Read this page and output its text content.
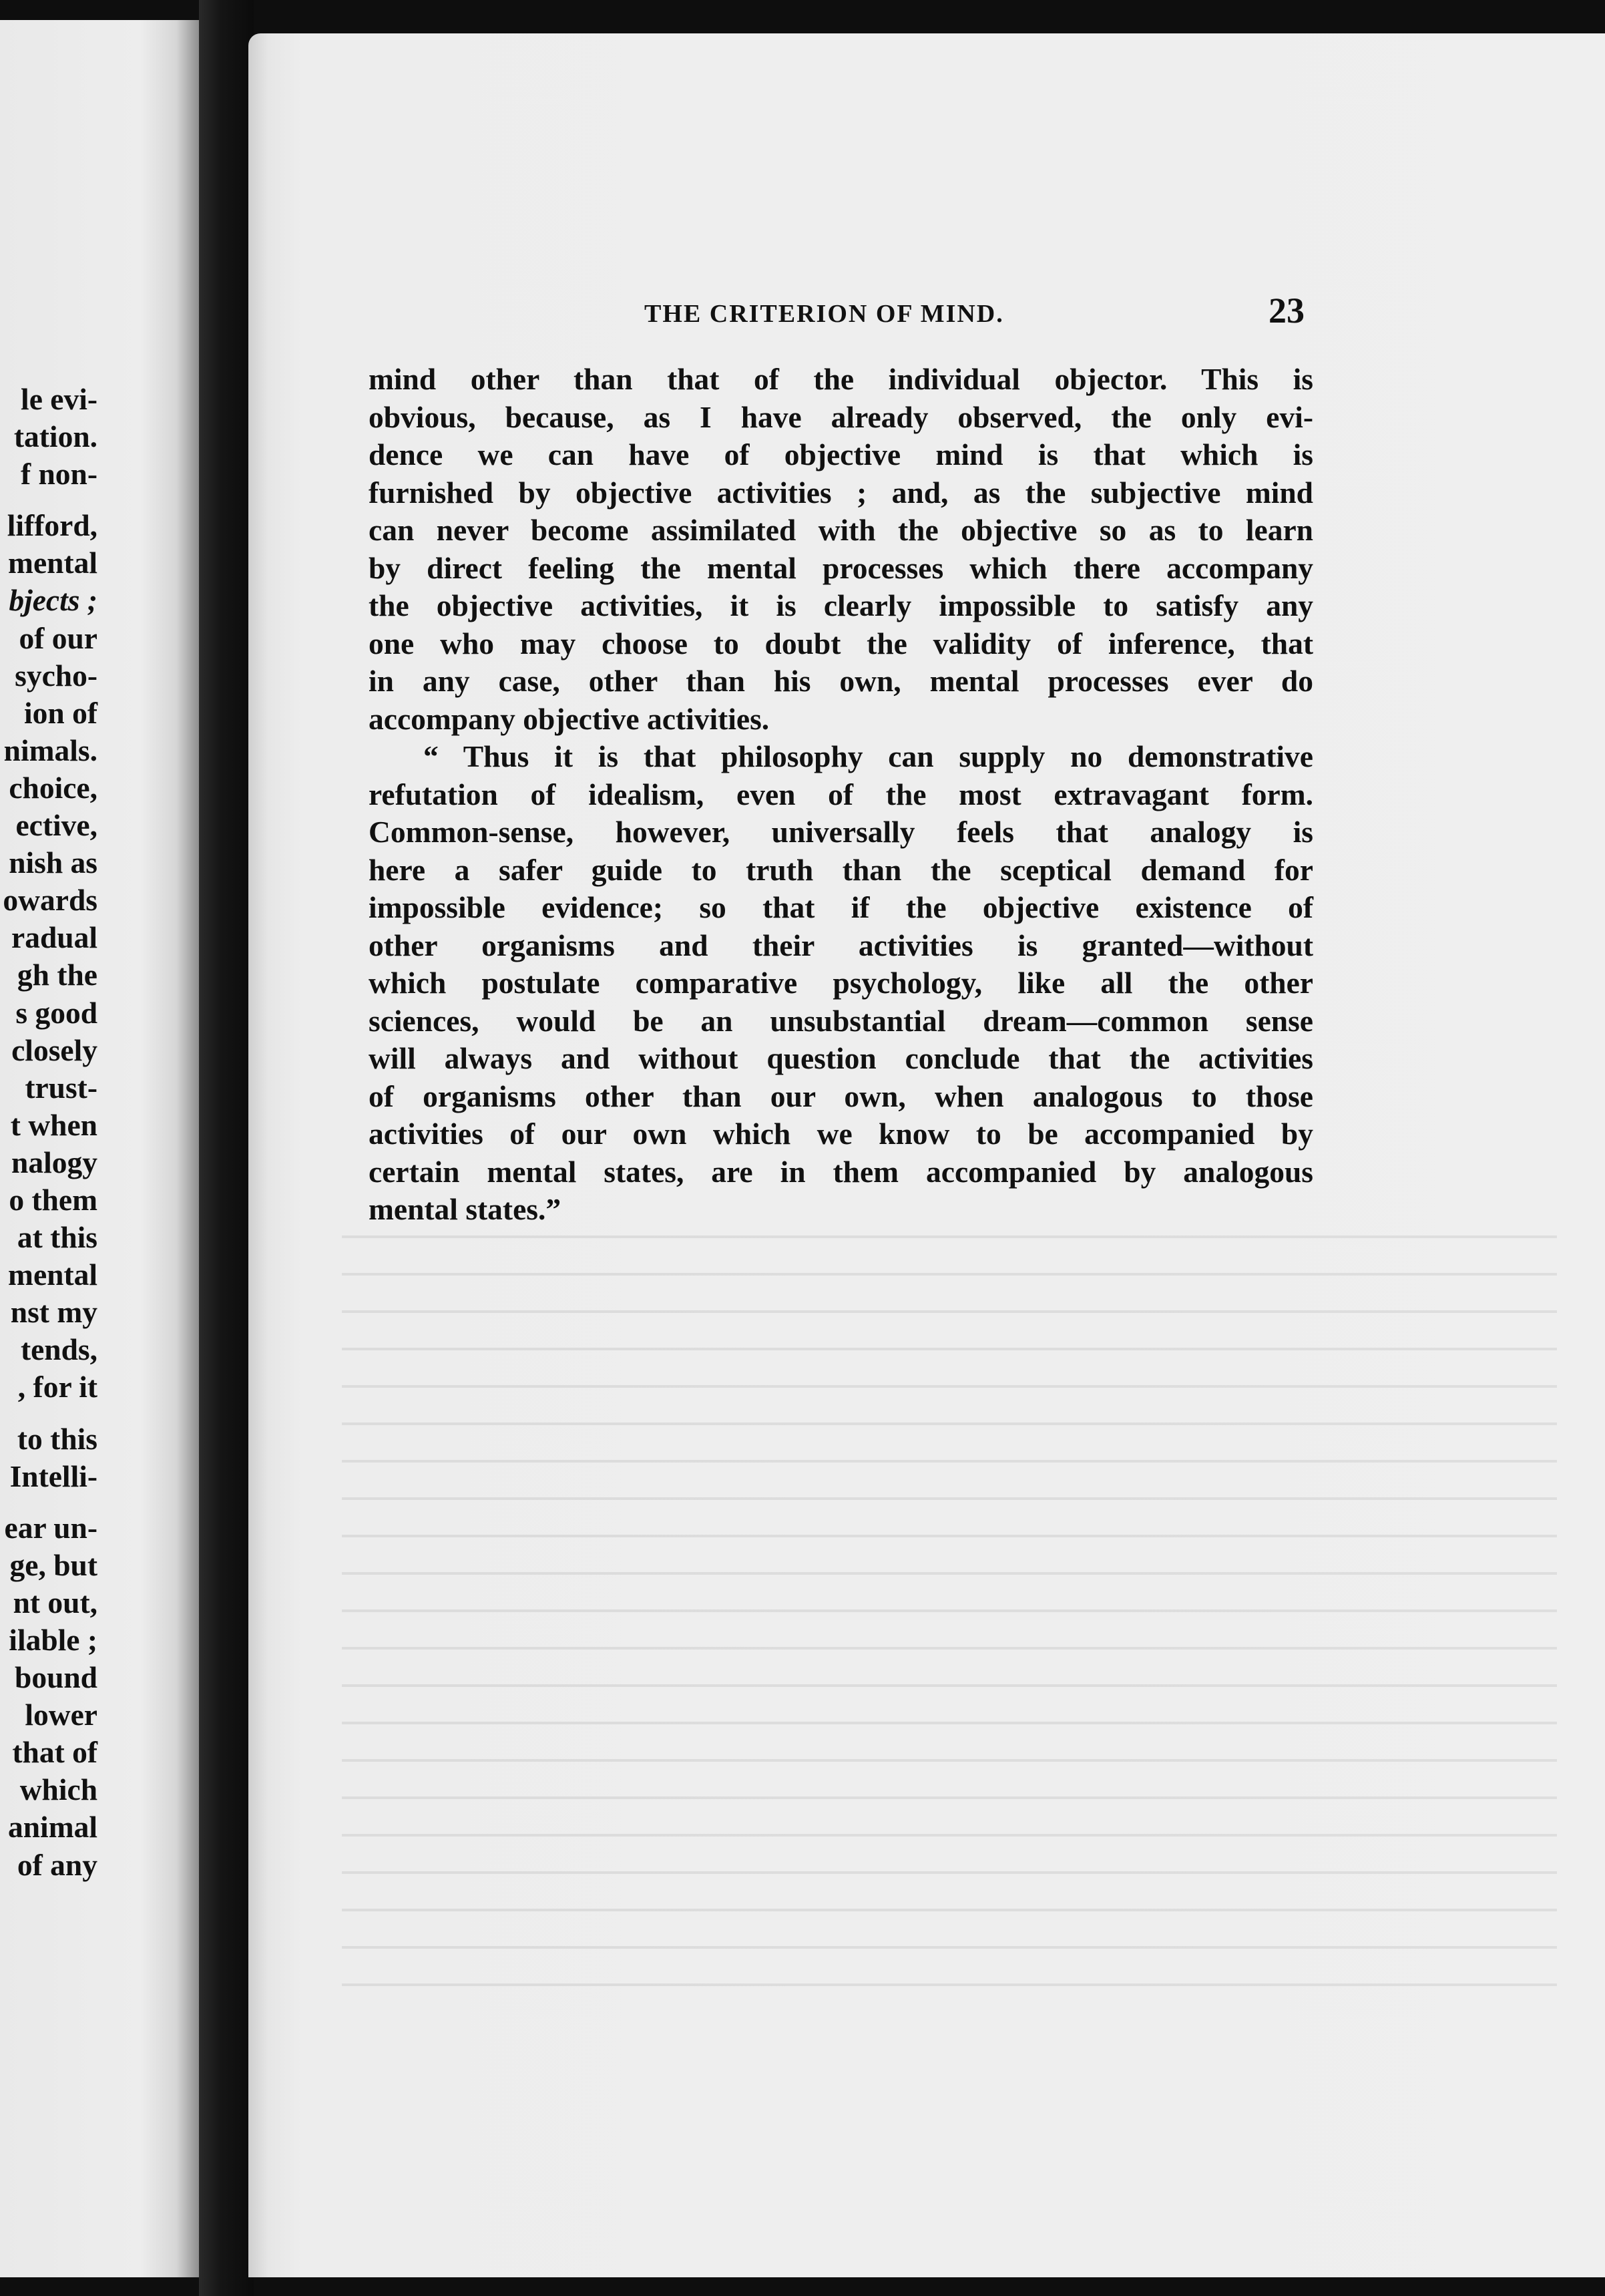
le evi-
tation.
f non-
lifford,
mental
bjects ;
of our
sycho-
ion of
nimals.
choice,
ective,
nish as
owards
radual
gh the
s good
closely
trust-
t when
nalogy
o them
at this
mental
nst my
tends,
, for it
to this
Intelli-
ear un-
ge, but
nt out,
ilable ;
bound
lower
that of
which
animal
of any
THE CRITERION OF MIND.	23
mind other than that of the individual objector. This is
obvious, because, as I have already observed, the only evi-
dence we can have of objective mind is that which is
furnished by objective activities ; and, as the subjective mind
can never become assimilated with the objective so as to learn
by direct feeling the mental processes which there accompany
the objective activities, it is clearly impossible to satisfy any
one who may choose to doubt the validity of inference, that
in any case, other than his own, mental processes ever do
accompany objective activities.
“ Thus it is that philosophy can supply no demonstrative
refutation of idealism, even of the most extravagant form.
Common-sense, however, universally feels that analogy is
here a safer guide to truth than the sceptical demand for
impossible evidence; so that if the objective existence of
other organisms and their activities is granted—without
which postulate comparative psychology, like all the other
sciences, would be an unsubstantial dream—common sense
will always and without question conclude that the activities
of organisms other than our own, when analogous to those
activities of our own which we know to be accompanied by
certain mental states, are in them accompanied by analogous
mental states.”
